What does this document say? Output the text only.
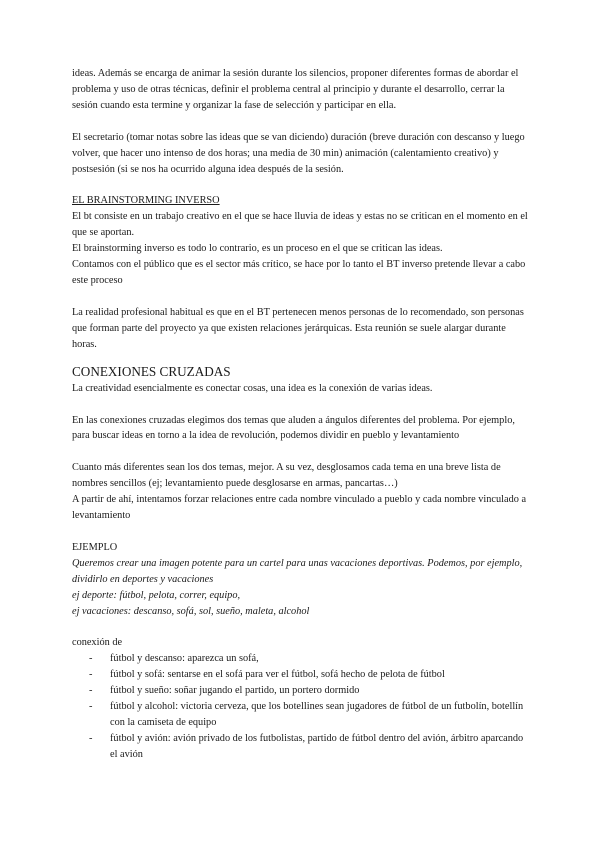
ideas. Además se encarga de animar la sesión durante los silencios, proponer diferentes formas de abordar el problema y uso de otras técnicas, definir el problema central al principio y durante el desarrollo, cerrar la sesión cuando esta termine y organizar la fase de selección y participar en ella.

El secretario (tomar notas sobre las ideas que se van diciendo) duración (breve duración con descanso y luego volver, que hacer uno intenso de dos horas; una media de 30 min) animación (calentamiento creativo) y postsesión (si se nos ha ocurrido alguna idea después de la sesión.

EL BRAINSTORMING INVERSO

El bt consiste en un trabajo creativo en el que se hace lluvia de ideas y estas no se critican en el momento en el que se aportan.

El brainstorming inverso es todo lo contrario, es un proceso en el que se critican las ideas.

Contamos con el público que es el sector más crítico, se hace por lo tanto el BT inverso pretende llevar a cabo este proceso

La realidad profesional habitual es que en el BT pertenecen menos personas de lo recomendado, son personas que forman parte del proyecto ya que existen relaciones jerárquicas. Esta reunión se suele alargar durante horas.

CONEXIONES CRUZADAS

La creatividad esencialmente es conectar cosas, una idea es la conexión de varias ideas.

En las conexiones cruzadas elegimos dos temas que aluden a ángulos diferentes del problema. Por ejemplo, para buscar ideas en torno a la idea de revolución, podemos dividir en pueblo y levantamiento

Cuanto más diferentes sean los dos temas, mejor. A su vez, desglosamos cada tema en una breve lista de nombres sencillos (ej; levantamiento puede desglosarse en armas, pancartas…)

A partir de ahí, intentamos forzar relaciones entre cada nombre vinculado a pueblo y cada nombre vinculado a levantamiento

EJEMPLO

Queremos crear una imagen potente para un cartel para unas vacaciones deportivas. Podemos, por ejemplo, dividirlo en deportes y vacaciones

ej deporte: fútbol, pelota, correr, equipo,

ej vacaciones: descanso, sofá, sol, sueño, maleta, alcohol

conexión de

- fútbol y descanso: aparezca un sofá,
- fútbol y sofá: sentarse en el sofá para ver el fútbol, sofá hecho de pelota de fútbol
- fútbol y sueño: soñar jugando el partido, un portero dormido
- fútbol y alcohol: victoria cerveza, que los botellines sean jugadores de fútbol de un futbolín, botellín con la camiseta de equipo
- fútbol y avión: avión privado de los futbolistas, partido de fútbol dentro del avión, árbitro aparcando el avión
